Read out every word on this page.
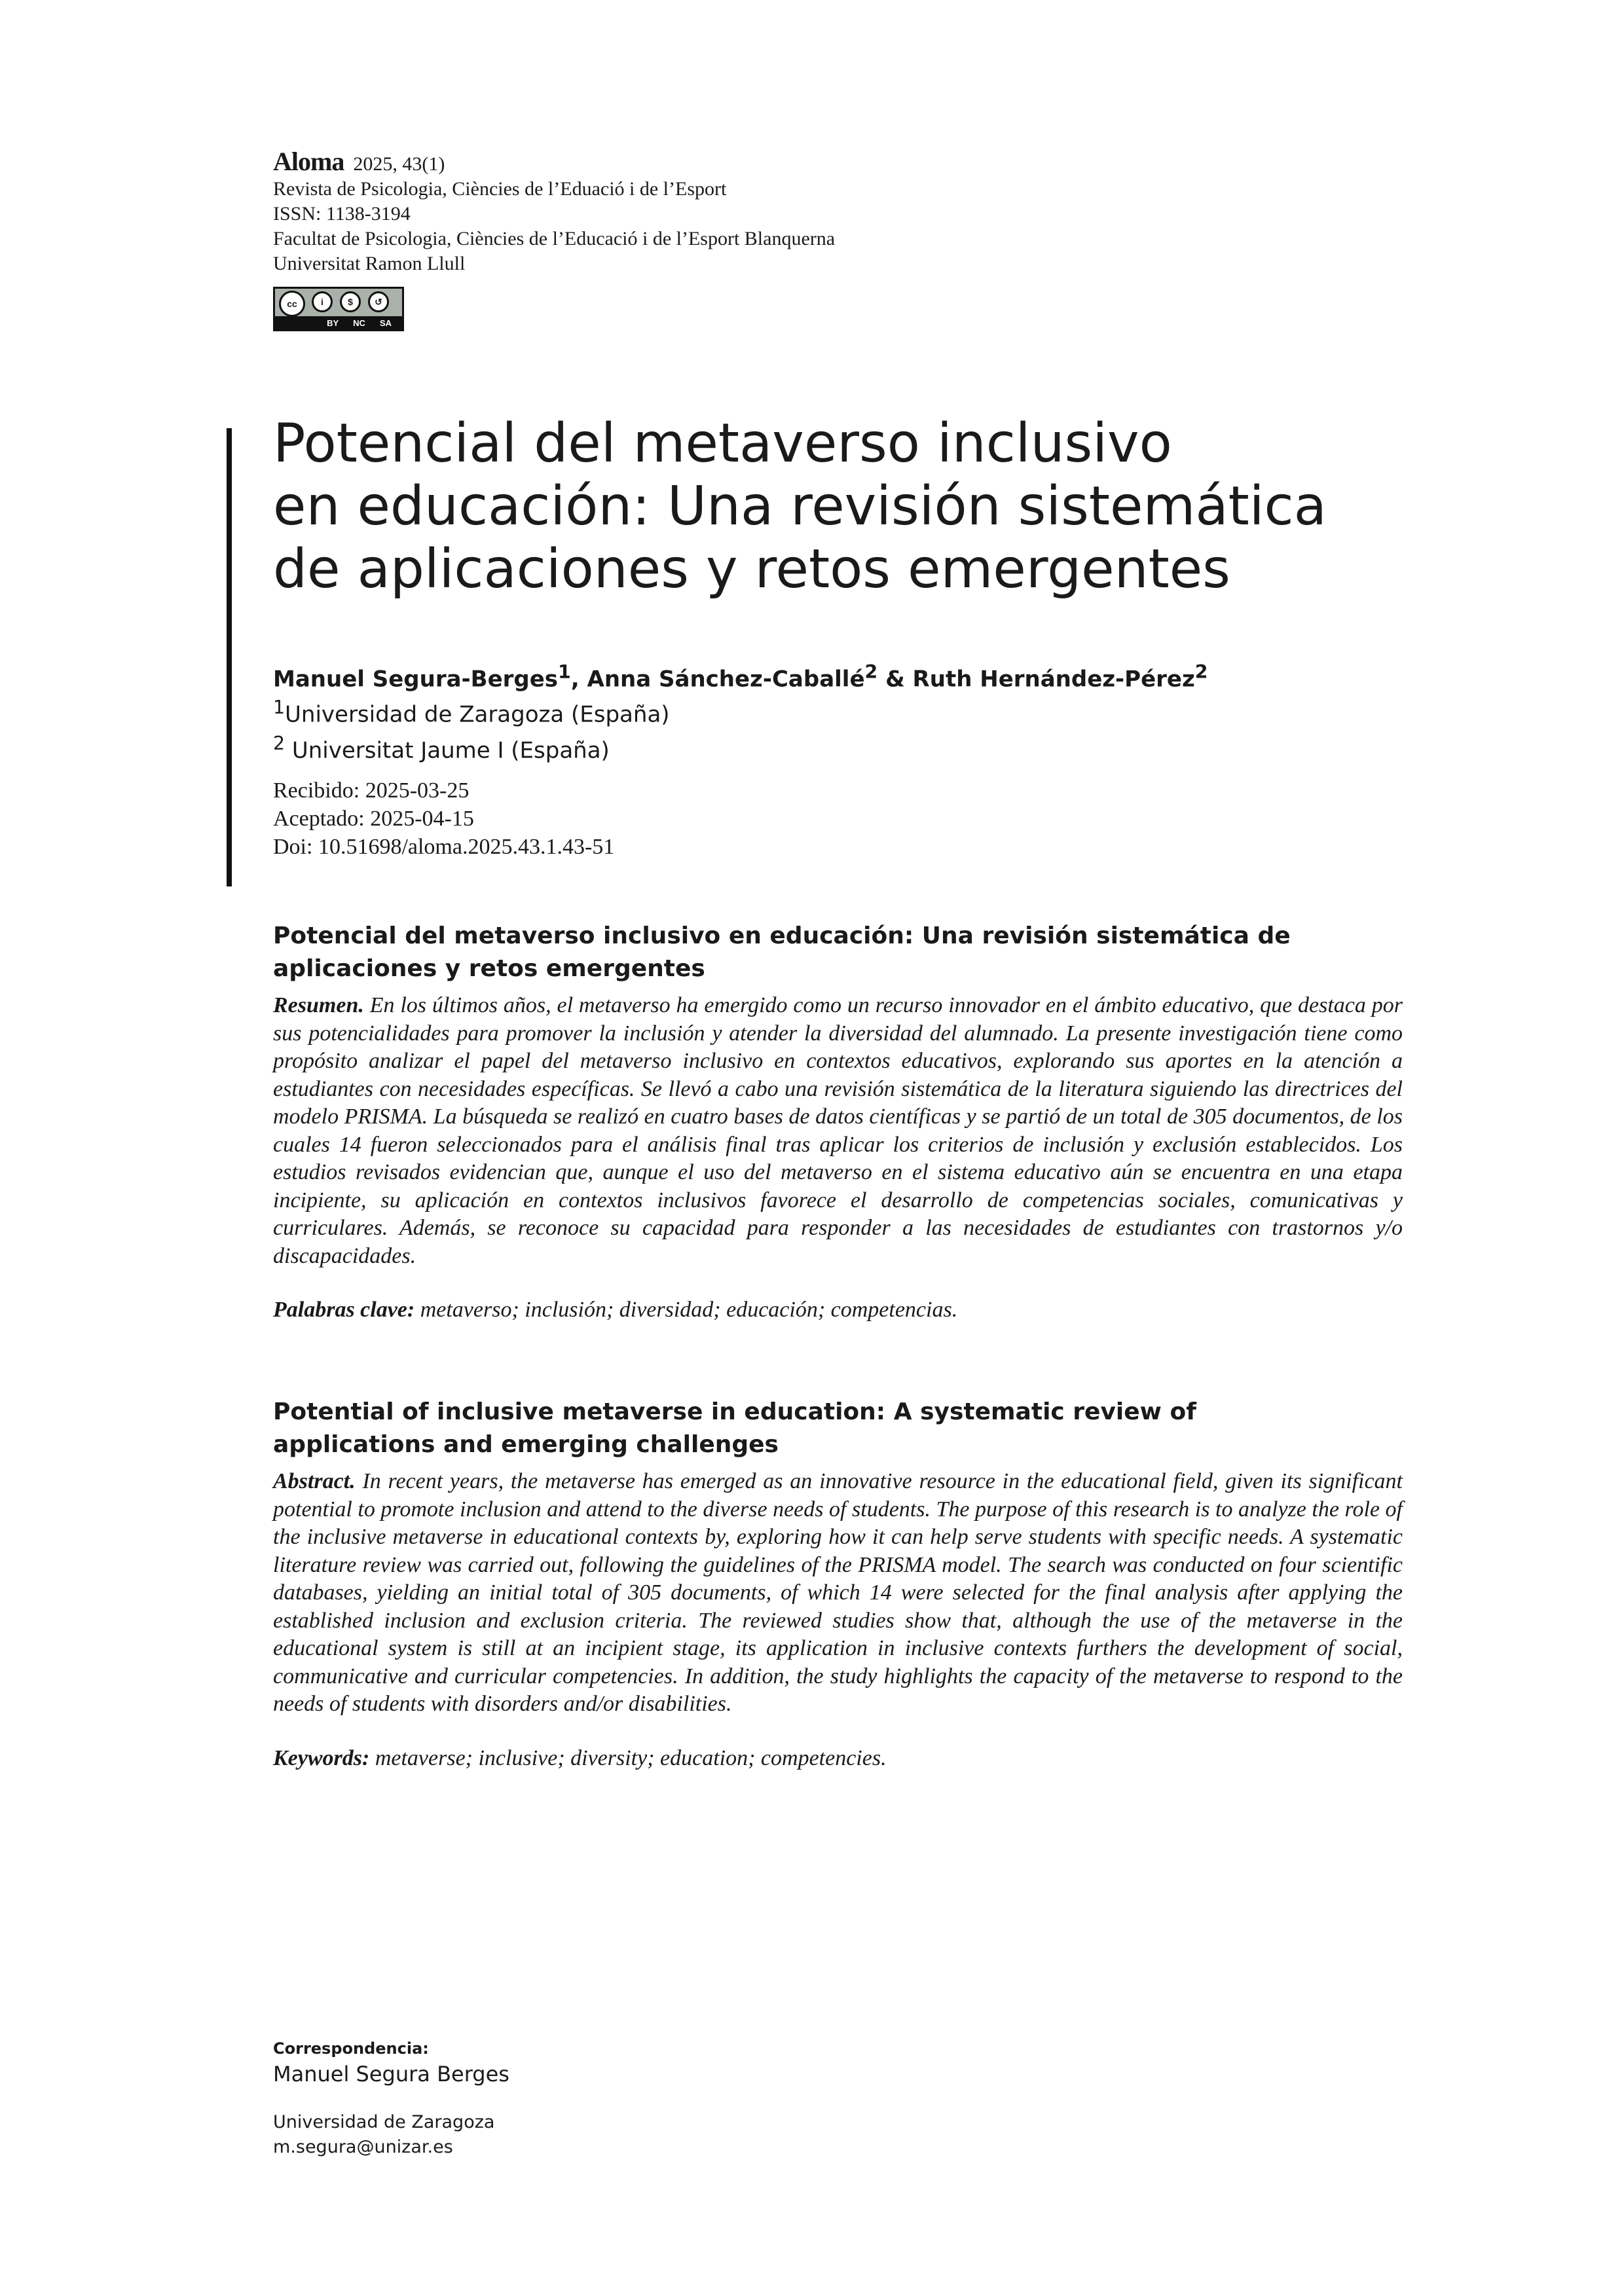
Aloma 2025, 43(1)
Revista de Psicologia, Ciències de l’Eduació i de l’Esport
ISSN: 1138-3194
Facultat de Psicologia, Ciències de l’Educació i de l’Esport Blanquerna
Universitat Ramon Llull
cc	i	$	↺
BY NC SA
Potencial del metaverso inclusivo
en educación: Una revisión sistemática
de aplicaciones y retos emergentes
Manuel Segura-Berges$^1$, Anna Sánchez-Caballé$^2$ & Ruth Hernández-Pérez$^2$
$^1$Universidad de Zaragoza (España)
$^2$ Universitat Jaume I (España)
Recibido: 2025-03-25
Aceptado: 2025-04-15
Doi: 10.51698/aloma.2025.43.1.43-51
Potencial del metaverso inclusivo en educación: Una revisión sistemática de aplicaciones y retos emergentes

Resumen. En los últimos años, el metaverso ha emergido como un recurso innovador en el ámbito educativo, que destaca por sus potencialidades para promover la inclusión y atender la diversidad del alumnado. La presente investigación tiene como propósito analizar el papel del metaverso inclusivo en contextos educativos, explorando sus aportes en la atención a estudiantes con necesidades específicas. Se llevó a cabo una revisión sistemática de la literatura siguiendo las directrices del modelo PRISMA. La búsqueda se realizó en cuatro bases de datos científicas y se partió de un total de 305 documentos, de los cuales 14 fueron seleccionados para el análisis final tras aplicar los criterios de inclusión y exclusión establecidos. Los estudios revisados evidencian que, aunque el uso del metaverso en el sistema educativo aún se encuentra en una etapa incipiente, su aplicación en contextos inclusivos favorece el desarrollo de competencias sociales, comunicativas y curriculares. Además, se reconoce su capacidad para responder a las necesidades de estudiantes con trastornos y/o discapacidades.

Palabras clave: metaverso; inclusión; diversidad; educación; competencias.
Potential of inclusive metaverse in education: A systematic review of applications and emerging challenges

Abstract. In recent years, the metaverse has emerged as an innovative resource in the educational field, given its significant potential to promote inclusion and attend to the diverse needs of students. The purpose of this research is to analyze the role of the inclusive metaverse in educational contexts by, exploring how it can help serve students with specific needs. A systematic literature review was carried out, following the guidelines of the PRISMA model. The search was conducted on four scientific databases, yielding an initial total of 305 documents, of which 14 were selected for the final analysis after applying the established inclusion and exclusion criteria. The reviewed studies show that, although the use of the metaverse in the educational system is still at an incipient stage, its application in inclusive contexts furthers the development of social, communicative and curricular competencies. In addition, the study highlights the capacity of the metaverse to respond to the needs of students with disorders and/or disabilities.

Keywords: metaverse; inclusive; diversity; education; competencies.
Correspondencia:
Manuel Segura Berges
Universidad de Zaragoza
m.segura@unizar.es
